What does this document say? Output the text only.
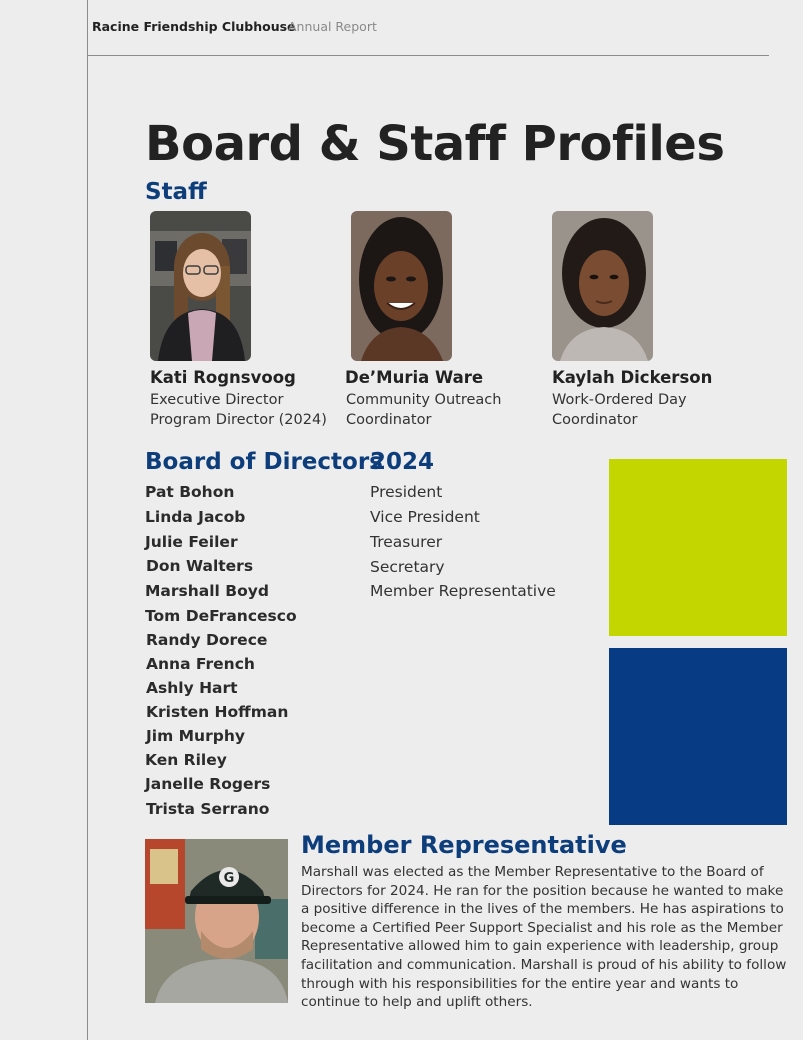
Racine Friendship Clubhouse
Annual Report
Board & Staff Profiles
Staff
Kati Rognsvoog
Executive Director
Program Director (2024)
De’Muria Ware
Community Outreach
Coordinator
Kaylah Dickerson
Work-Ordered Day
Coordinator
Board of Directors
2024
Pat Bohon
Linda Jacob
Julie Feiler
Don Walters
Marshall Boyd
Tom DeFrancesco
Randy Dorece
Anna French
Ashly Hart
Kristen Hoffman
Jim Murphy
Ken Riley
Janelle Rogers
Trista Serrano
President
Vice President
Treasurer
Secretary
Member Representative
G
Member Representative
Marshall was elected as the Member Representative to the Board of Directors for 2024. He ran for the position because he wanted to make a positive difference in the lives of the members. He has aspirations to become a Certified Peer Support Specialist and his role as the Member Representative allowed him to gain experience with leadership, group facilitation and communication. Marshall is proud of his ability to follow through with his responsibilities for the entire year and wants to continue to help and uplift others.
